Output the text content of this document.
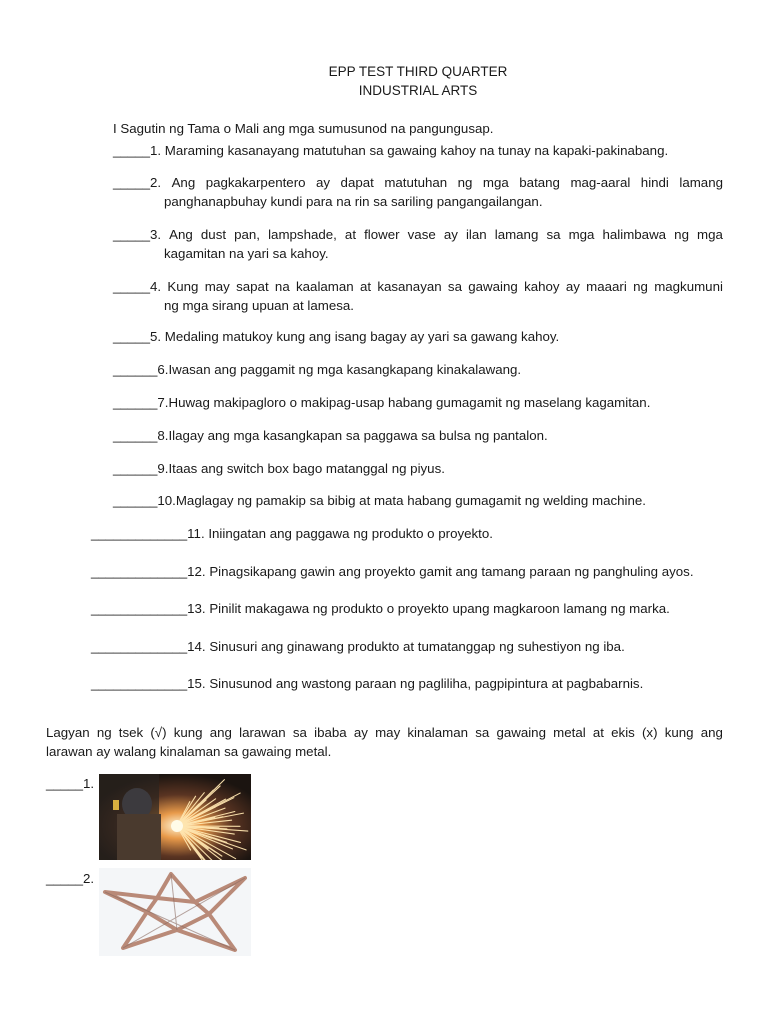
EPP TEST THIRD QUARTER
INDUSTRIAL ARTS
I Sagutin ng Tama o Mali ang mga sumusunod na pangungusap.
_____1. Maraming kasanayang matutuhan sa gawaing kahoy na tunay na kapaki-pakinabang.
_____2. Ang pagkakarpentero ay dapat matutuhan ng mga batang mag-aaral hindi lamang
panghanapbuhay kundi para na rin sa sariling pangangailangan.
_____3. Ang dust pan, lampshade, at flower vase ay ilan lamang sa mga halimbawa ng mga
kagamitan na yari sa kahoy.
_____4. Kung may sapat na kaalaman at kasanayan sa gawaing kahoy ay maaari ng magkumuni
ng mga sirang upuan at lamesa.
_____5. Medaling matukoy kung ang isang bagay ay yari sa gawang kahoy.
______6.Iwasan ang paggamit ng mga kasangkapang kinakalawang.
______7.Huwag makipagloro o makipag-usap habang gumagamit ng maselang kagamitan.
______8.Ilagay ang mga kasangkapan sa paggawa sa bulsa ng pantalon.
______9.Itaas ang switch box bago matanggal ng piyus.
______10.Maglagay ng pamakip sa bibig at mata habang gumagamit ng welding machine.
_____________11. Iniingatan ang paggawa ng produkto o proyekto.
_____________12. Pinagsikapang gawin ang proyekto gamit ang tamang paraan ng panghuling ayos.
_____________13. Pinilit makagawa ng produkto o proyekto upang magkaroon lamang ng marka.
_____________14. Sinusuri ang ginawang produkto at tumatanggap ng suhestiyon ng iba.
_____________15. Sinusunod ang wastong paraan ng pagliliha, pagpipintura at pagbabarnis.
Lagyan ng tsek (√) kung ang larawan sa ibaba ay may kinalaman sa gawaing metal at ekis (x) kung ang
larawan ay walang kinalaman sa gawaing metal.
_____1.
_____2.
